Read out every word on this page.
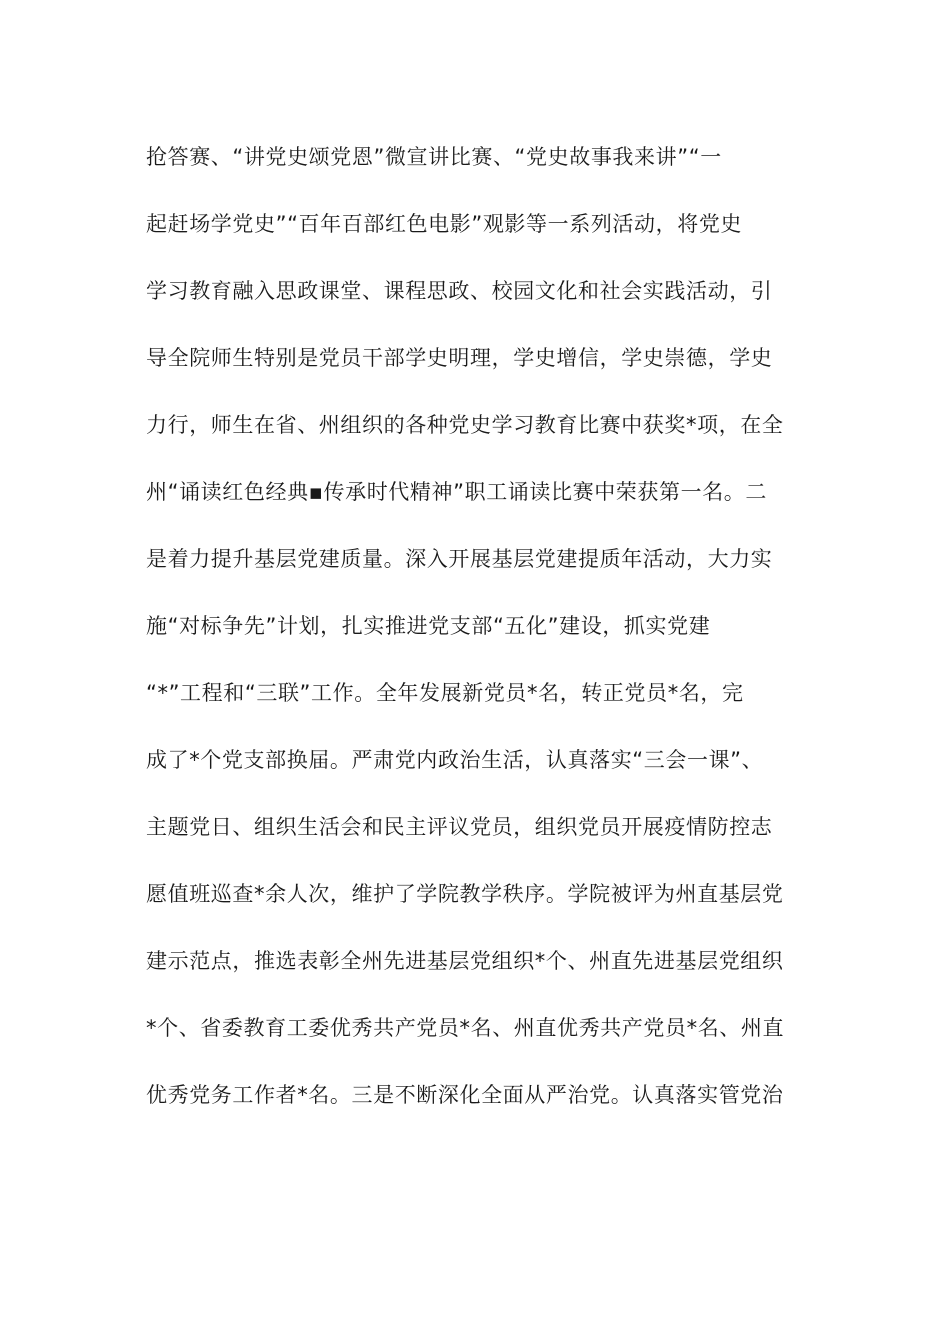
抢答赛、“讲党史颂党恩”微宣讲比赛、“党史故事我来讲”“一
起赶场学党史”“百年百部红色电影”观影等一系列活动，将党史
学习教育融入思政课堂、课程思政、校园文化和社会实践活动，引
导全院师生特别是党员干部学史明理，学史增信，学史崇德，学史
力行，师生在省、州组织的各种党史学习教育比赛中获奖*项，在全
州“诵读红色经典▪传承时代精神”职工诵读比赛中荣获第一名。二
是着力提升基层党建质量。深入开展基层党建提质年活动，大力实
施“对标争先”计划，扎实推进党支部“五化”建设，抓实党建
“*”工程和“三联”工作。全年发展新党员*名，转正党员*名，完
成了*个党支部换届。严肃党内政治生活，认真落实“三会一课”、
主题党日、组织生活会和民主评议党员，组织党员开展疫情防控志
愿值班巡查*余人次，维护了学院教学秩序。学院被评为州直基层党
建示范点，推选表彰全州先进基层党组织*个、州直先进基层党组织
*个、省委教育工委优秀共产党员*名、州直优秀共产党员*名、州直
优秀党务工作者*名。三是不断深化全面从严治党。认真落实管党治
